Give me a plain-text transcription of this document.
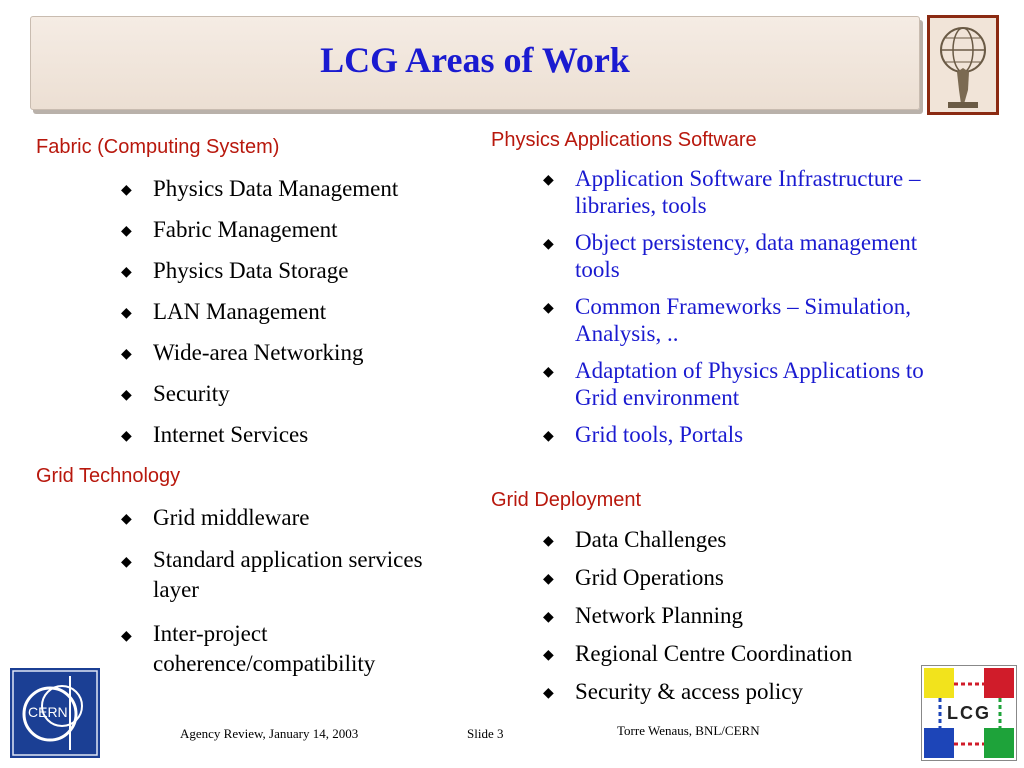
LCG Areas of Work
Fabric (Computing System)
◆ Physics Data Management
◆ Fabric Management
◆ Physics Data Storage
◆ LAN Management
◆ Wide-area Networking
◆ Security
◆ Internet Services
Grid Technology
◆ Grid middleware
◆ Standard application services layer
◆ Inter-project coherence/compatibility
Physics Applications Software
◆ Application Software Infrastructure – libraries, tools
◆ Object persistency, data management tools
◆ Common Frameworks – Simulation, Analysis, ..
◆ Adaptation of Physics Applications to Grid environment
◆ Grid tools, Portals
Grid Deployment
◆ Data Challenges
◆ Grid Operations
◆ Network Planning
◆ Regional Centre Coordination
◆ Security & access policy
CERN	LCG
Agency Review, January 14, 2003	Slide 3	Torre Wenaus, BNL/CERN
